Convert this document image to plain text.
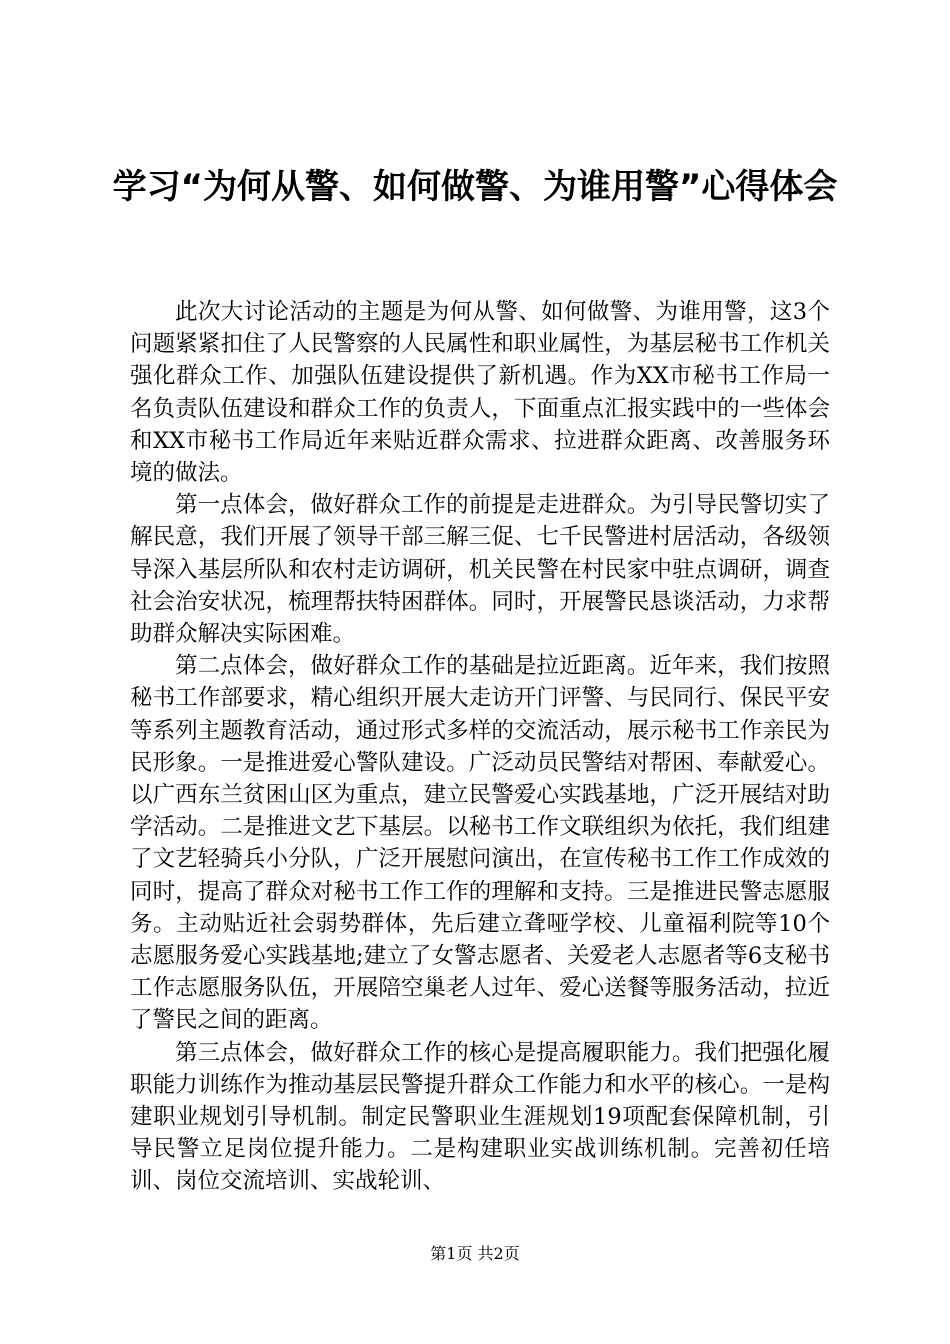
学习“为何从警、如何做警、为谁用警”心得体会

此次大讨论活动的主题是为何从警、如何做警、为谁用警，这3个问题紧紧扣住了人民警察的人民属性和职业属性，为基层秘书工作机关强化群众工作、加强队伍建设提供了新机遇。作为XX市秘书工作局一名负责队伍建设和群众工作的负责人，下面重点汇报实践中的一些体会和XX市秘书工作局近年来贴近群众需求、拉进群众距离、改善服务环境的做法。

第一点体会，做好群众工作的前提是走进群众。为引导民警切实了解民意，我们开展了领导干部三解三促、七千民警进村居活动，各级领导深入基层所队和农村走访调研，机关民警在村民家中驻点调研，调查社会治安状况，梳理帮扶特困群体。同时，开展警民恳谈活动，力求帮助群众解决实际困难。

第二点体会，做好群众工作的基础是拉近距离。近年来，我们按照秘书工作部要求，精心组织开展大走访开门评警、与民同行、保民平安等系列主题教育活动，通过形式多样的交流活动，展示秘书工作亲民为民形象。一是推进爱心警队建设。广泛动员民警结对帮困、奉献爱心。以广西东兰贫困山区为重点，建立民警爱心实践基地，广泛开展结对助学活动。二是推进文艺下基层。以秘书工作文联组织为依托，我们组建了文艺轻骑兵小分队，广泛开展慰问演出，在宣传秘书工作工作成效的同时，提高了群众对秘书工作工作的理解和支持。三是推进民警志愿服务。主动贴近社会弱势群体，先后建立聋哑学校、儿童福利院等10个志愿服务爱心实践基地;建立了女警志愿者、关爱老人志愿者等6支秘书工作志愿服务队伍，开展陪空巢老人过年、爱心送餐等服务活动，拉近了警民之间的距离。

第三点体会，做好群众工作的核心是提高履职能力。我们把强化履职能力训练作为推动基层民警提升群众工作能力和水平的核心。一是构建职业规划引导机制。制定民警职业生涯规划19项配套保障机制，引导民警立足岗位提升能力。二是构建职业实战训练机制。完善初任培训、岗位交流培训、实战轮训、

第1页 共2页
